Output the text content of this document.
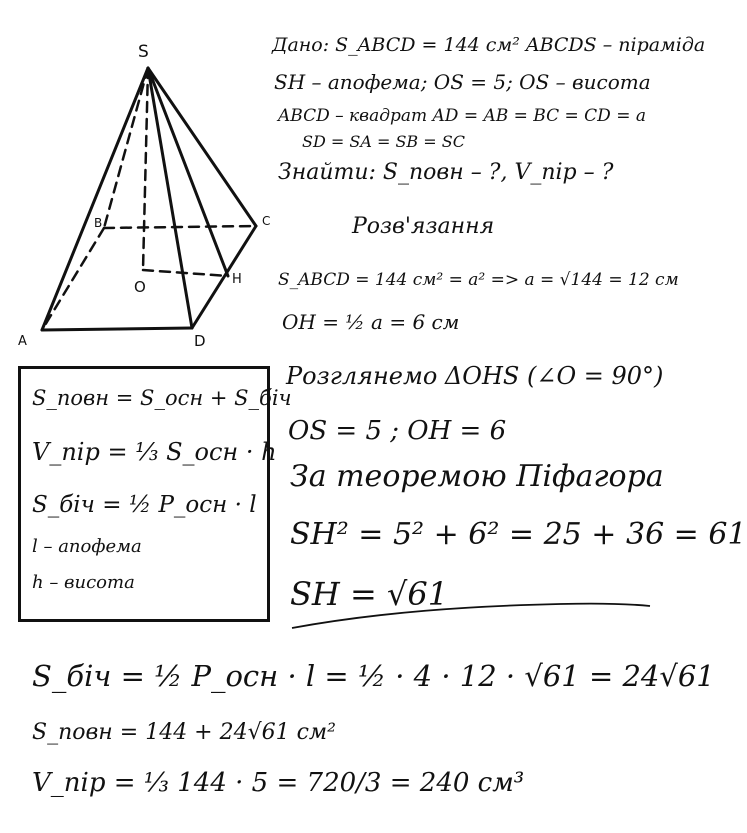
S
B	C
O	H
A	D
Дано: S_ABCD = 144 см² ABCDS – піраміда
SH – апофема; OS = 5; OS – висота
ABCD – квадрат AD = AB = BC = CD = a
SD = SA = SB = SC
Знайти: S_повн – ?, V_пір – ?
Розв'язання
S_ABCD = 144 см² = a² => a = √144 = 12 см
OH = ½ a = 6 см
Розглянемо ΔOHS (∠O = 90°)
OS = 5 ; OH = 6
За теоремою Піфагора
SH² = 5² + 6² = 25 + 36 = 61
SH = √61
S_повн = S_осн + S_біч
V_пір = ⅓ S_осн · h
S_біч = ½ P_осн · l
l – апофема
h – висота
S_біч = ½ P_осн · l = ½ · 4 · 12 · √61 = 24√61
S_повн = 144 + 24√61 см²
V_пір = ⅓ 144 · 5 = 720/3 = 240 см³
